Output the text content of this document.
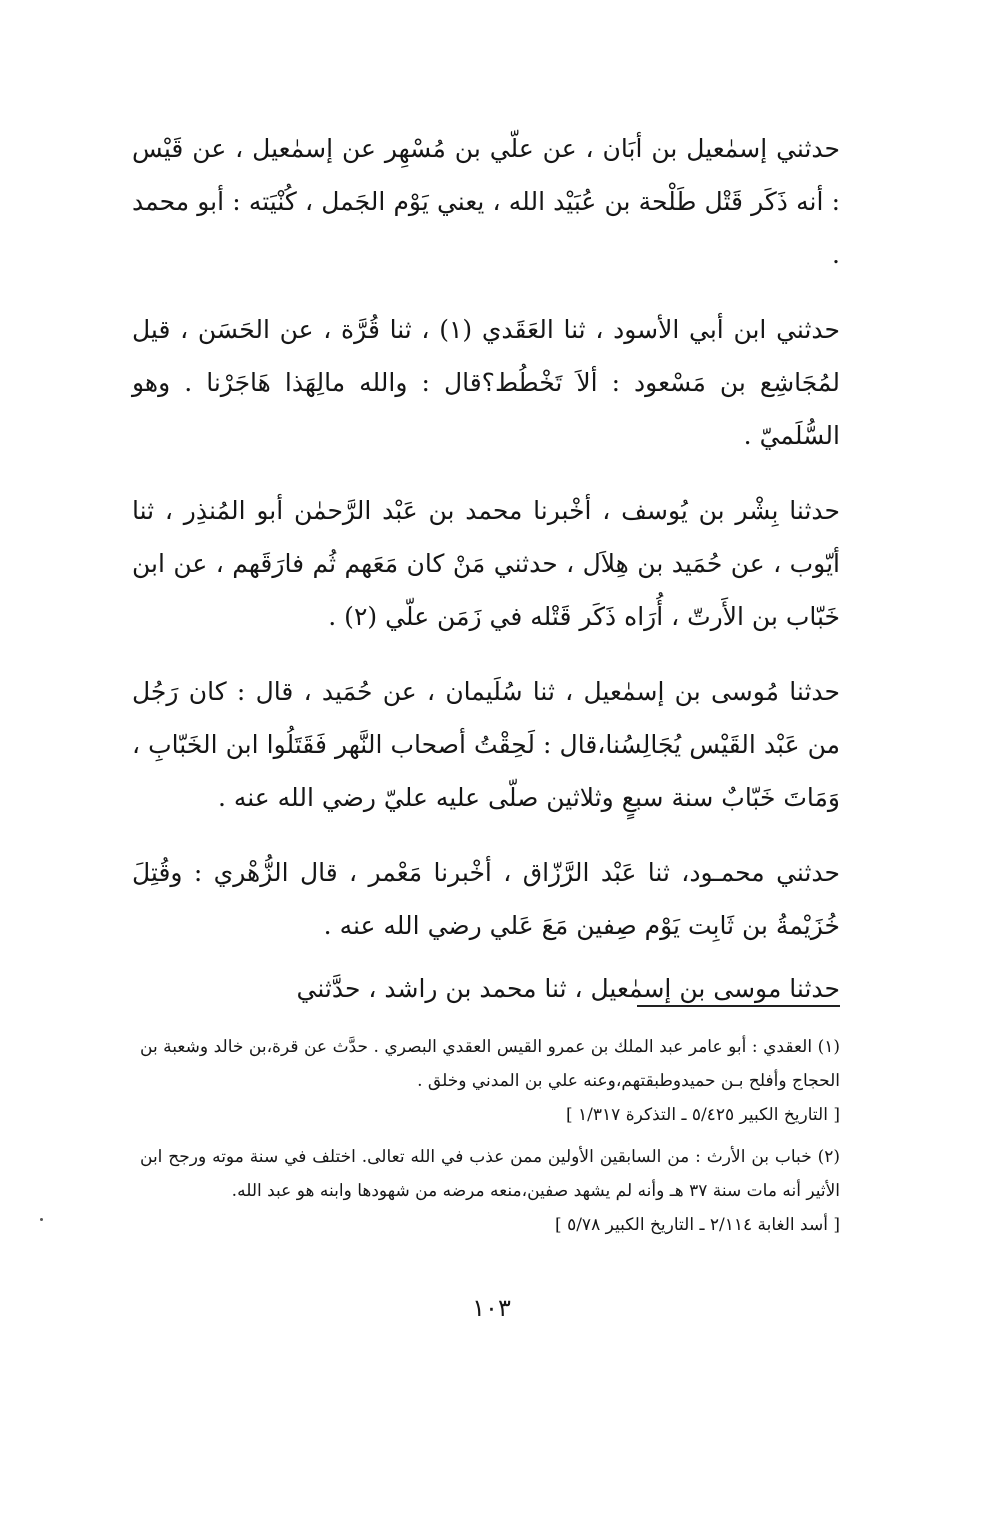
حدثني إسمٰعيل بن أبَان ، عن علّي بن مُسْهِر عن إسمٰعيل ، عن قَيْس : أنه ذَكَر قَتْل طَلْحة بن عُبَيْد الله ، يعني يَوْم الجَمل ، كُنْيَته : أبو محمد .

حدثني ابن أبي الأسود ، ثنا العَقَدي (١) ، ثنا قُرَّة ، عن الحَسَن ، قيل لمُجَاشِع بن مَسْعود : ألاَ تَخْطُط؟قال : والله مالِهَذا هَاجَرْنا . وهو السُّلَميّ .

حدثنا بِشْر بن يُوسف ، أخْبرنا محمد بن عَبْد الرَّحمٰن أبو المُنذِر ، ثنا أيّوب ، عن حُمَيد بن هِلاَل ، حدثني مَنْ كان مَعَهم ثُم فارَقَهم ، عن ابن خَبّاب بن الأَرتّ ، أُرَاه ذَكَر قَتْله في زَمَن علّي (٢) .

حدثنا مُوسى بن إسمٰعيل ، ثنا سُلَيمان ، عن حُمَيد ، قال : كان رَجُل من عَبْد القَيْس يُجَالِسُنا،قال : لَحِقْتُ أصحاب النَّهر فَقَتَلُوا ابن الخَبّابِ ، وَمَاتَ خَبّابٌ سنة سبعٍ وثلاثين صلّى عليه عليّ رضي الله عنه .

حدثني محمـود، ثنا عَبْد الرَّزّاق ، أخْبرنا مَعْمر ، قال الزُّهْري : وقُتِلَ خُزَيْمةُ بن ثَابِت يَوْم صِفين مَعَ عَلي رضي الله عنه .

حدثنا موسى بن إسمٰعيل ، ثنا محمد بن راشد ، حدَّثني

(١) العقدي : أبو عامر عبد الملك بن عمرو القيس العقدي البصري . حدَّث عن قرة،بن خالد وشعبة بن الحجاج وأفلح بـن حميدوطبقتهم،وعنه علي بن المدني وخلق .
[ التاريخ الكبير ٥/٤٢٥ ـ التذكرة ١/٣١٧ ]

(٢) خباب بن الأرث : من السابقين الأولين ممن عذب في الله تعالى. اختلف في سنة موته ورجح ابن الأثير أنه مات سنة ٣٧ هـ وأنه لم يشهد صفين،منعه مرضه من شهودها وابنه هو عبد الله.
[ أسد الغابة ٢/١١٤ ـ التاريخ الكبير ٥/٧٨ ]

١٠٣
